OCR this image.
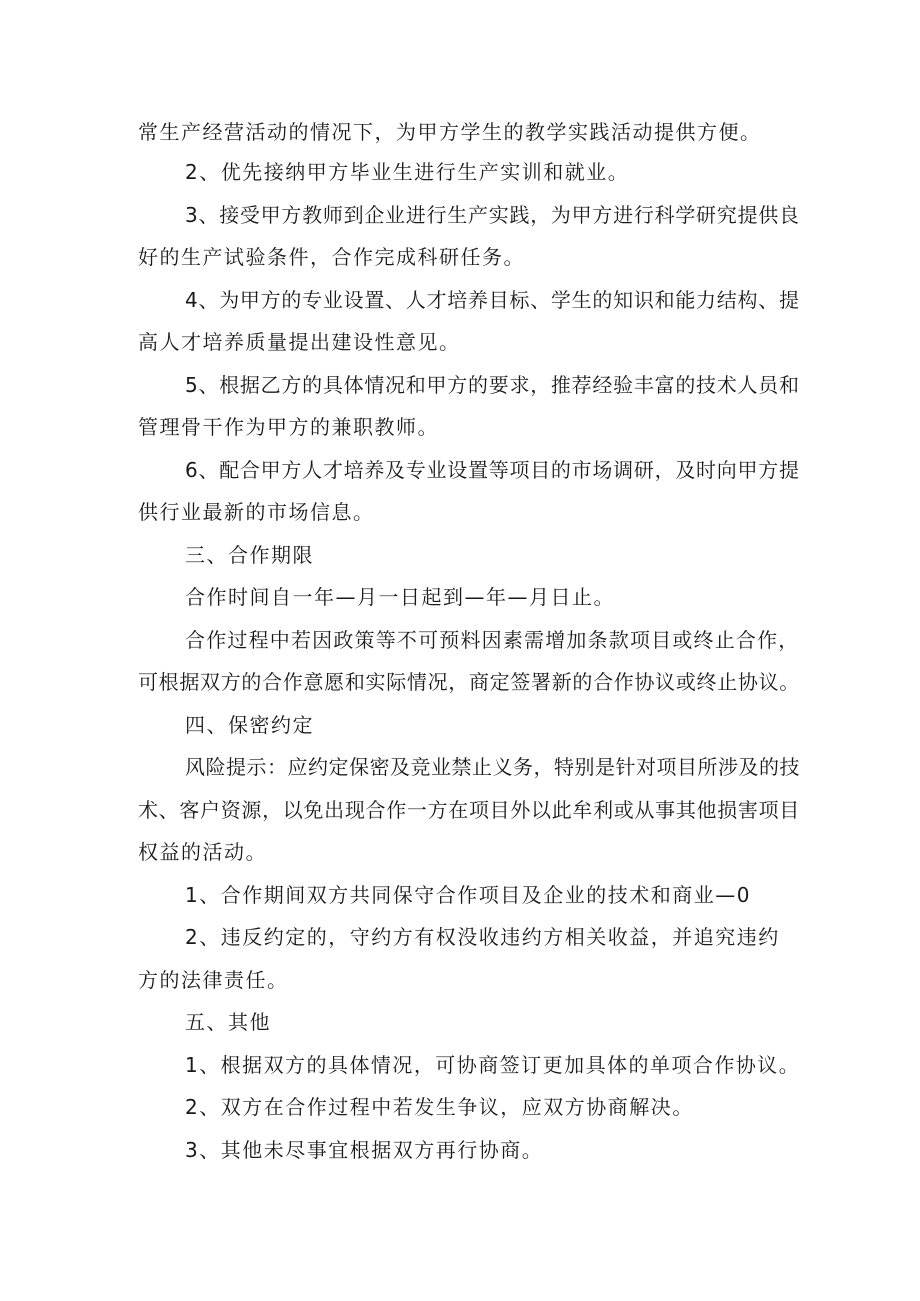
常生产经营活动的情况下，为甲方学生的教学实践活动提供方便。
2、优先接纳甲方毕业生进行生产实训和就业。
3、接受甲方教师到企业进行生产实践，为甲方进行科学研究提供良
好的生产试验条件，合作完成科研任务。
4、为甲方的专业设置、人才培养目标、学生的知识和能力结构、提
高人才培养质量提出建设性意见。
5、根据乙方的具体情况和甲方的要求，推荐经验丰富的技术人员和
管理骨干作为甲方的兼职教师。
6、配合甲方人才培养及专业设置等项目的市场调研，及时向甲方提
供行业最新的市场信息。
三、合作期限
合作时间自一年—月一日起到—年—月日止。
合作过程中若因政策等不可预料因素需增加条款项目或终止合作，
可根据双方的合作意愿和实际情况，商定签署新的合作协议或终止协议。
四、保密约定
风险提示：应约定保密及竞业禁止义务，特别是针对项目所涉及的技
术、客户资源，以免出现合作一方在项目外以此牟利或从事其他损害项目
权益的活动。
1、合作期间双方共同保守合作项目及企业的技术和商业—0
2、违反约定的，守约方有权没收违约方相关收益，并追究违约
方的法律责任。
五、其他
1、根据双方的具体情况，可协商签订更加具体的单项合作协议。
2、双方在合作过程中若发生争议，应双方协商解决。
3、其他未尽事宜根据双方再行协商。
